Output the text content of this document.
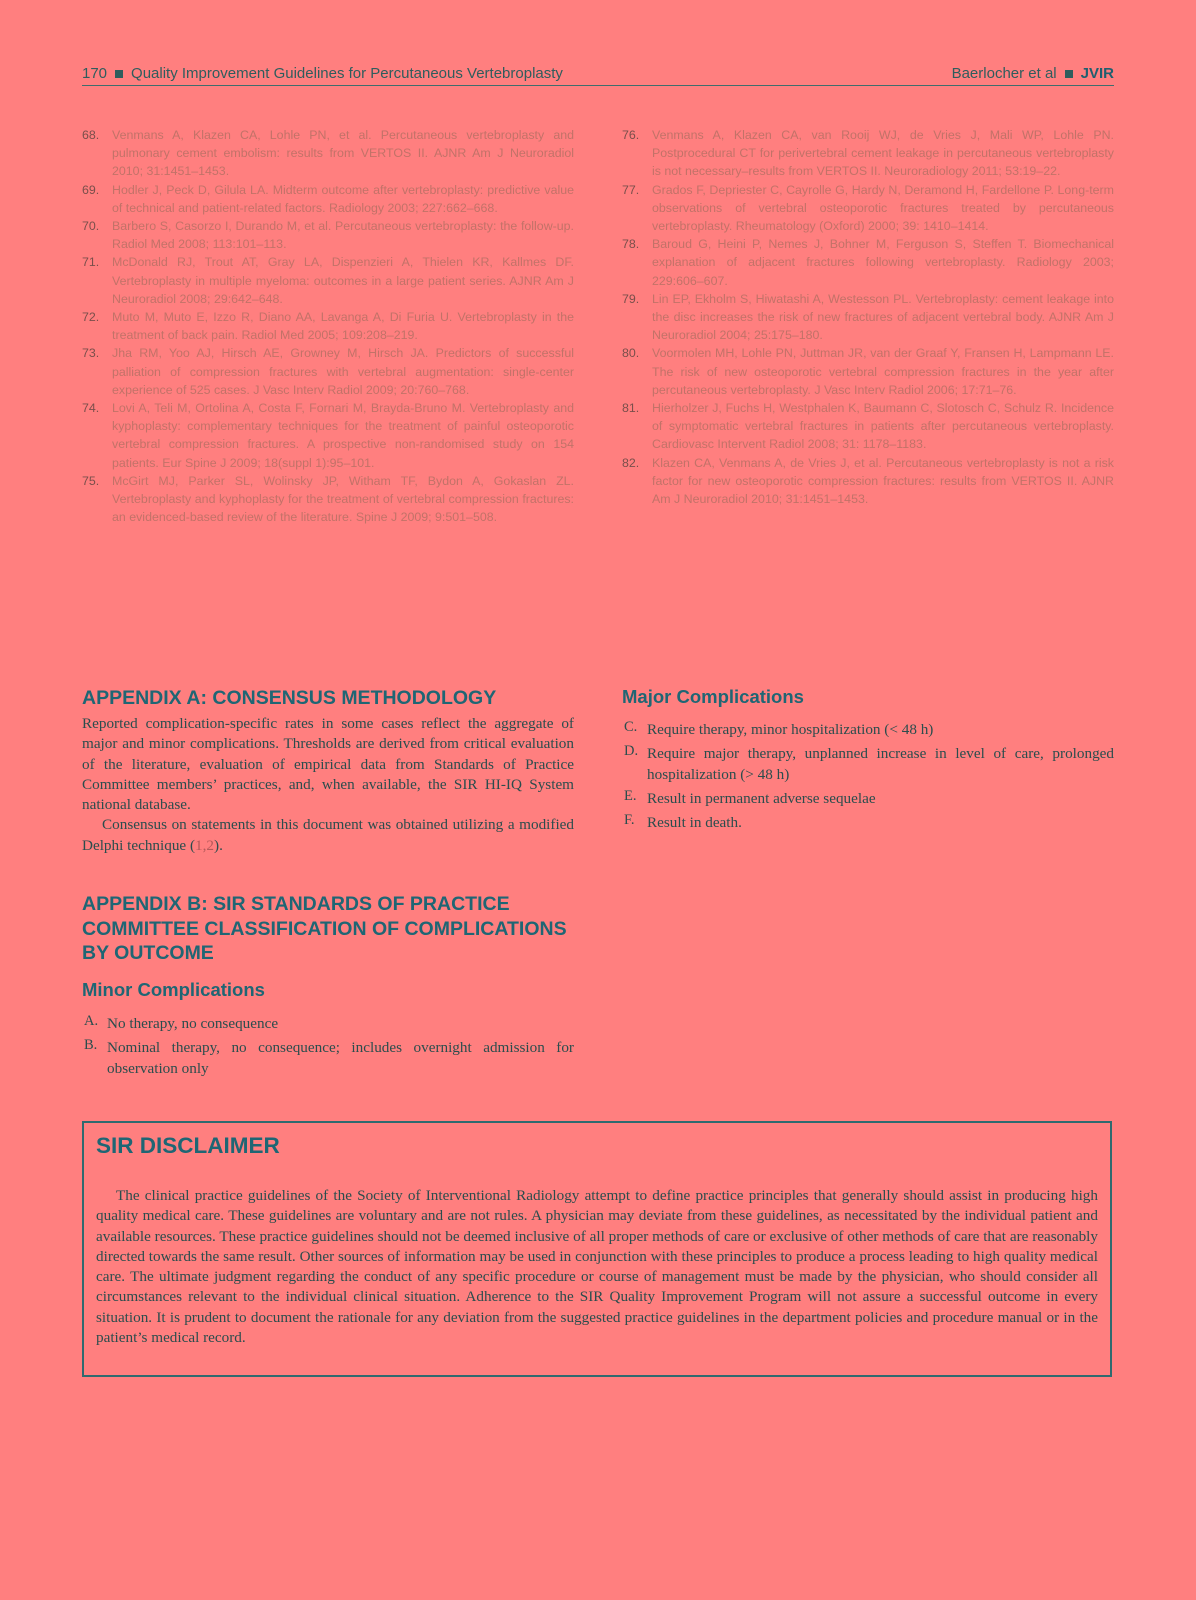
170 Quality Improvement Guidelines for Percutaneous Vertebroplasty	Baerlocher et al JVIR
68. Venmans A, Klazen CA, Lohle PN, et al. Percutaneous vertebroplasty and pulmonary cement embolism: results from VERTOS II. AJNR Am J Neuroradiol 2010; 31:1451–1453.
69. Hodler J, Peck D, Gilula LA. Midterm outcome after vertebroplasty: predictive value of technical and patient-related factors. Radiology 2003; 227:662–668.
70. Barbero S, Casorzo I, Durando M, et al. Percutaneous vertebroplasty: the follow-up. Radiol Med 2008; 113:101–113.
71. McDonald RJ, Trout AT, Gray LA, Dispenzieri A, Thielen KR, Kallmes DF. Vertebroplasty in multiple myeloma: outcomes in a large patient series. AJNR Am J Neuroradiol 2008; 29:642–648.
72. Muto M, Muto E, Izzo R, Diano AA, Lavanga A, Di Furia U. Vertebroplasty in the treatment of back pain. Radiol Med 2005; 109:208–219.
73. Jha RM, Yoo AJ, Hirsch AE, Growney M, Hirsch JA. Predictors of successful palliation of compression fractures with vertebral augmentation: single-center experience of 525 cases. J Vasc Interv Radiol 2009; 20:760–768.
74. Lovi A, Teli M, Ortolina A, Costa F, Fornari M, Brayda-Bruno M. Vertebroplasty and kyphoplasty: complementary techniques for the treatment of painful osteoporotic vertebral compression fractures. A prospective non-randomised study on 154 patients. Eur Spine J 2009; 18(suppl 1):95–101.
75. McGirt MJ, Parker SL, Wolinsky JP, Witham TF, Bydon A, Gokaslan ZL. Vertebroplasty and kyphoplasty for the treatment of vertebral compression fractures: an evidenced-based review of the literature. Spine J 2009; 9:501–508.
76. Venmans A, Klazen CA, van Rooij WJ, de Vries J, Mali WP, Lohle PN. Postprocedural CT for perivertebral cement leakage in percutaneous vertebroplasty is not necessary–results from VERTOS II. Neuroradiology 2011; 53:19–22.
77. Grados F, Depriester C, Cayrolle G, Hardy N, Deramond H, Fardellone P. Long-term observations of vertebral osteoporotic fractures treated by percutaneous vertebroplasty. Rheumatology (Oxford) 2000; 39: 1410–1414.
78. Baroud G, Heini P, Nemes J, Bohner M, Ferguson S, Steffen T. Biomechanical explanation of adjacent fractures following vertebroplasty. Radiology 2003; 229:606–607.
79. Lin EP, Ekholm S, Hiwatashi A, Westesson PL. Vertebroplasty: cement leakage into the disc increases the risk of new fractures of adjacent vertebral body. AJNR Am J Neuroradiol 2004; 25:175–180.
80. Voormolen MH, Lohle PN, Juttman JR, van der Graaf Y, Fransen H, Lampmann LE. The risk of new osteoporotic vertebral compression fractures in the year after percutaneous vertebroplasty. J Vasc Interv Radiol 2006; 17:71–76.
81. Hierholzer J, Fuchs H, Westphalen K, Baumann C, Slotosch C, Schulz R. Incidence of symptomatic vertebral fractures in patients after percutaneous vertebroplasty. Cardiovasc Intervent Radiol 2008; 31: 1178–1183.
82. Klazen CA, Venmans A, de Vries J, et al. Percutaneous vertebroplasty is not a risk factor for new osteoporotic compression fractures: results from VERTOS II. AJNR Am J Neuroradiol 2010; 31:1451–1453.
APPENDIX A: CONSENSUS METHODOLOGY

Reported complication-specific rates in some cases reflect the aggregate of major and minor complications. Thresholds are derived from critical evaluation of the literature, evaluation of empirical data from Standards of Practice Committee members’ practices, and, when available, the SIR HI-IQ System national database.

Consensus on statements in this document was obtained utilizing a modified Delphi technique (1,2).

APPENDIX B: SIR STANDARDS OF PRACTICE COMMITTEE CLASSIFICATION OF COMPLICATIONS BY OUTCOME
Minor Complications
A. No therapy, no consequence
B. Nominal therapy, no consequence; includes overnight admission for observation only
Major Complications
C. Require therapy, minor hospitalization (< 48 h)
D. Require major therapy, unplanned increase in level of care, prolonged hospitalization (> 48 h)
E. Result in permanent adverse sequelae
F. Result in death.
SIR DISCLAIMER

The clinical practice guidelines of the Society of Interventional Radiology attempt to define practice principles that generally should assist in producing high quality medical care. These guidelines are voluntary and are not rules. A physician may deviate from these guidelines, as necessitated by the individual patient and available resources. These practice guidelines should not be deemed inclusive of all proper methods of care or exclusive of other methods of care that are reasonably directed towards the same result. Other sources of information may be used in conjunction with these principles to produce a process leading to high quality medical care. The ultimate judgment regarding the conduct of any specific procedure or course of management must be made by the physician, who should consider all circumstances relevant to the individual clinical situation. Adherence to the SIR Quality Improvement Program will not assure a successful outcome in every situation. It is prudent to document the rationale for any deviation from the suggested practice guidelines in the department policies and procedure manual or in the patient’s medical record.
